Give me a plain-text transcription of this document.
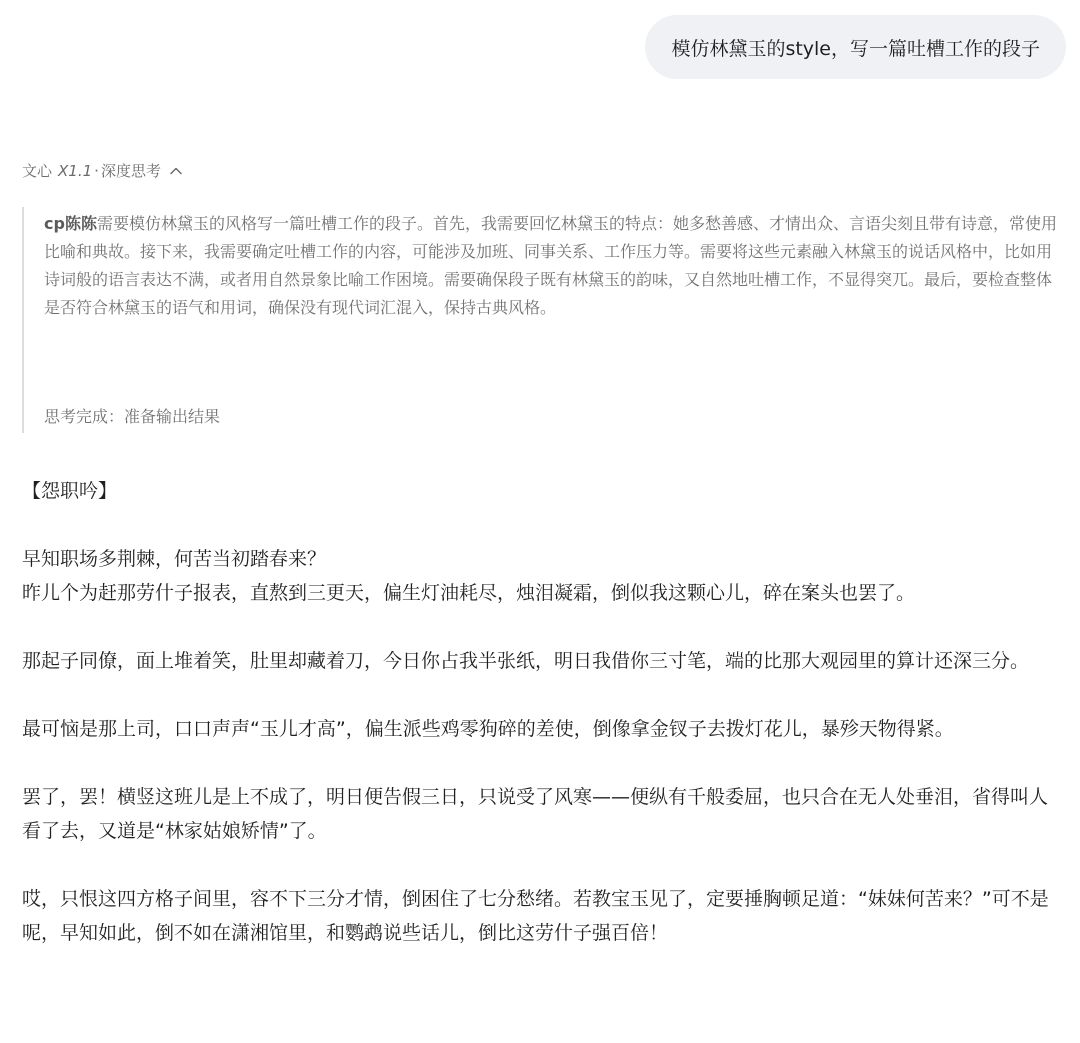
模仿林黛玉的style，写一篇吐槽工作的段子
文心 X1.1 · 深度思考

cp陈陈需要模仿林黛玉的风格写一篇吐槽工作的段子。首先，我需要回忆林黛玉的特点：她多愁善感、才情出众、言语尖刻且带有诗意，常使用比喻和典故。接下来，我需要确定吐槽工作的内容，可能涉及加班、同事关系、工作压力等。需要将这些元素融入林黛玉的说话风格中，比如用诗词般的语言表达不满，或者用自然景象比喻工作困境。需要确保段子既有林黛玉的韵味，又自然地吐槽工作，不显得突兀。最后，要检查整体是否符合林黛玉的语气和用词，确保没有现代词汇混入，保持古典风格。

思考完成：准备输出结果

【怨职吟】

早知职场多荆棘，何苦当初踏春来？
昨儿个为赶那劳什子报表，直熬到三更天，偏生灯油耗尽，烛泪凝霜，倒似我这颗心儿，碎在案头也罢了。

那起子同僚，面上堆着笑，肚里却藏着刀，今日你占我半张纸，明日我借你三寸笔，端的比那大观园里的算计还深三分。

最可恼是那上司，口口声声“玉儿才高”，偏生派些鸡零狗碎的差使，倒像拿金钗子去拨灯花儿，暴殄天物得紧。

罢了，罢！横竖这班儿是上不成了，明日便告假三日，只说受了风寒——便纵有千般委屈，也只合在无人处垂泪，省得叫人看了去，又道是“林家姑娘矫情”了。

哎，只恨这四方格子间里，容不下三分才情，倒困住了七分愁绪。若教宝玉见了，定要捶胸顿足道：“妹妹何苦来？”可不是呢，早知如此，倒不如在潇湘馆里，和鹦鹉说些话儿，倒比这劳什子强百倍！
